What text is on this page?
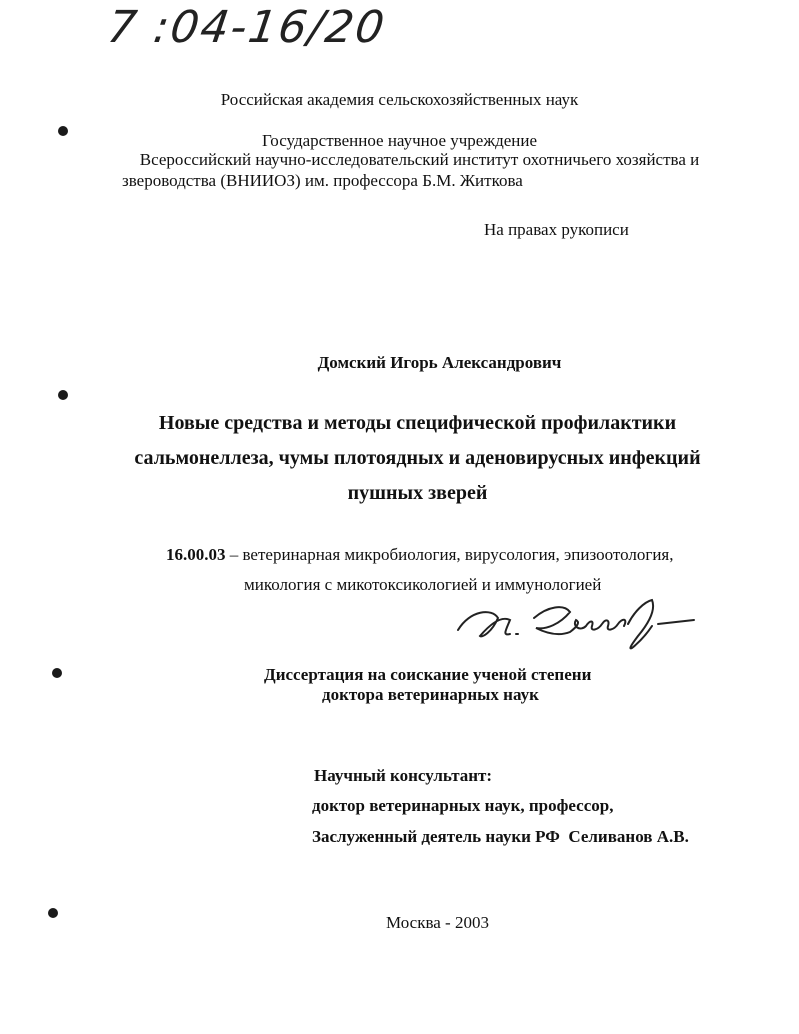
7 :04-16/20
Российская академия сельскохозяйственных наук
Государственное научное учреждение
Всероссийский научно-исследовательский институт охотничьего хозяйства и
звероводства (ВНИИОЗ) им. профессора Б.М. Житкова
На правах рукописи
Домский Игорь Александрович
Новые средства и методы специфической профилактики
сальмонеллеза, чумы плотоядных и аденовирусных инфекций
пушных зверей
16.00.03 – ветеринарная микробиология, вирусология, эпизоотология,
микология с микотоксикологией и иммунологией
И. Домский
Диссертация на соискание ученой степени
доктора ветеринарных наук
Научный консультант:
доктор ветеринарных наук, профессор,
Заслуженный деятель науки РФ  Селиванов А.В.
Москва - 2003
